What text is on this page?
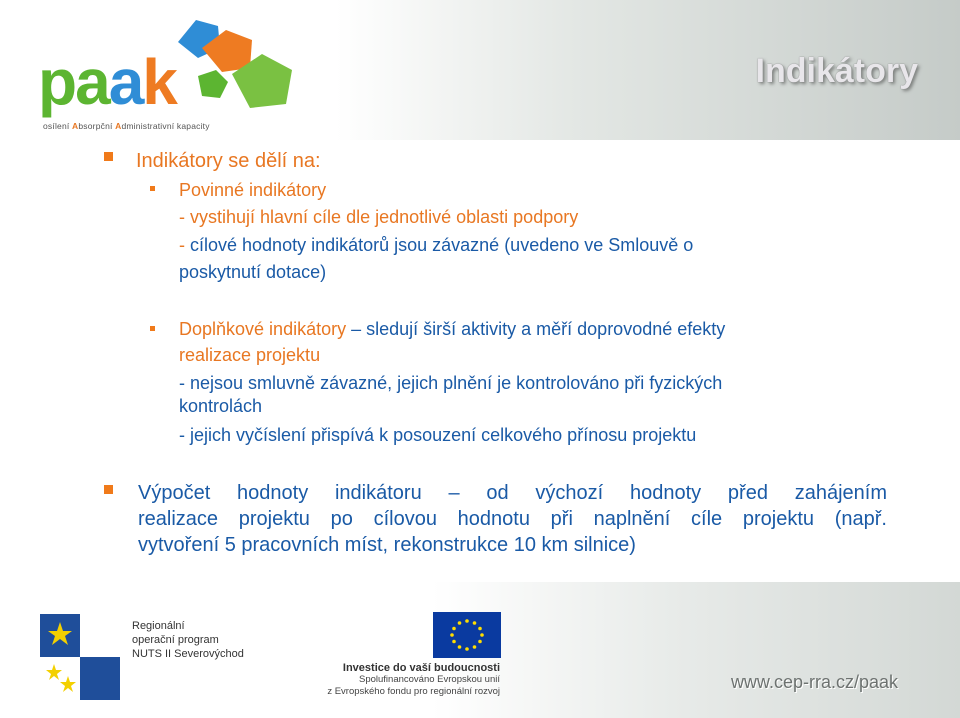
paak
osílení Absorpční Administrativní kapacity
Indikátory
Indikátory se dělí na:
Povinné indikátory
- vystihují hlavní cíle dle jednotlivé oblasti podpory
- cílové hodnoty indikátorů jsou závazné (uvedeno ve Smlouvě o
poskytnutí dotace)
Doplňkové indikátory – sledují širší aktivity a měří doprovodné efekty
realizace projektu
- nejsou smluvně závazné, jejich plnění je kontrolováno při fyzických
kontrolách
- jejich vyčíslení přispívá k posouzení celkového přínosu projektu
Výpočet hodnoty indikátoru – od výchozí hodnoty před zahájením
realizace projektu po cílovou hodnotu při naplnění cíle projektu (např.
vytvoření 5 pracovních míst, rekonstrukce 10 km silnice)
Regionální
operační program
NUTS II Severovýchod
Investice do vaší budoucnosti
Spolufinancováno Evropskou unií
z Evropského fondu pro regionální rozvoj	www.cep-rra.cz/paak
